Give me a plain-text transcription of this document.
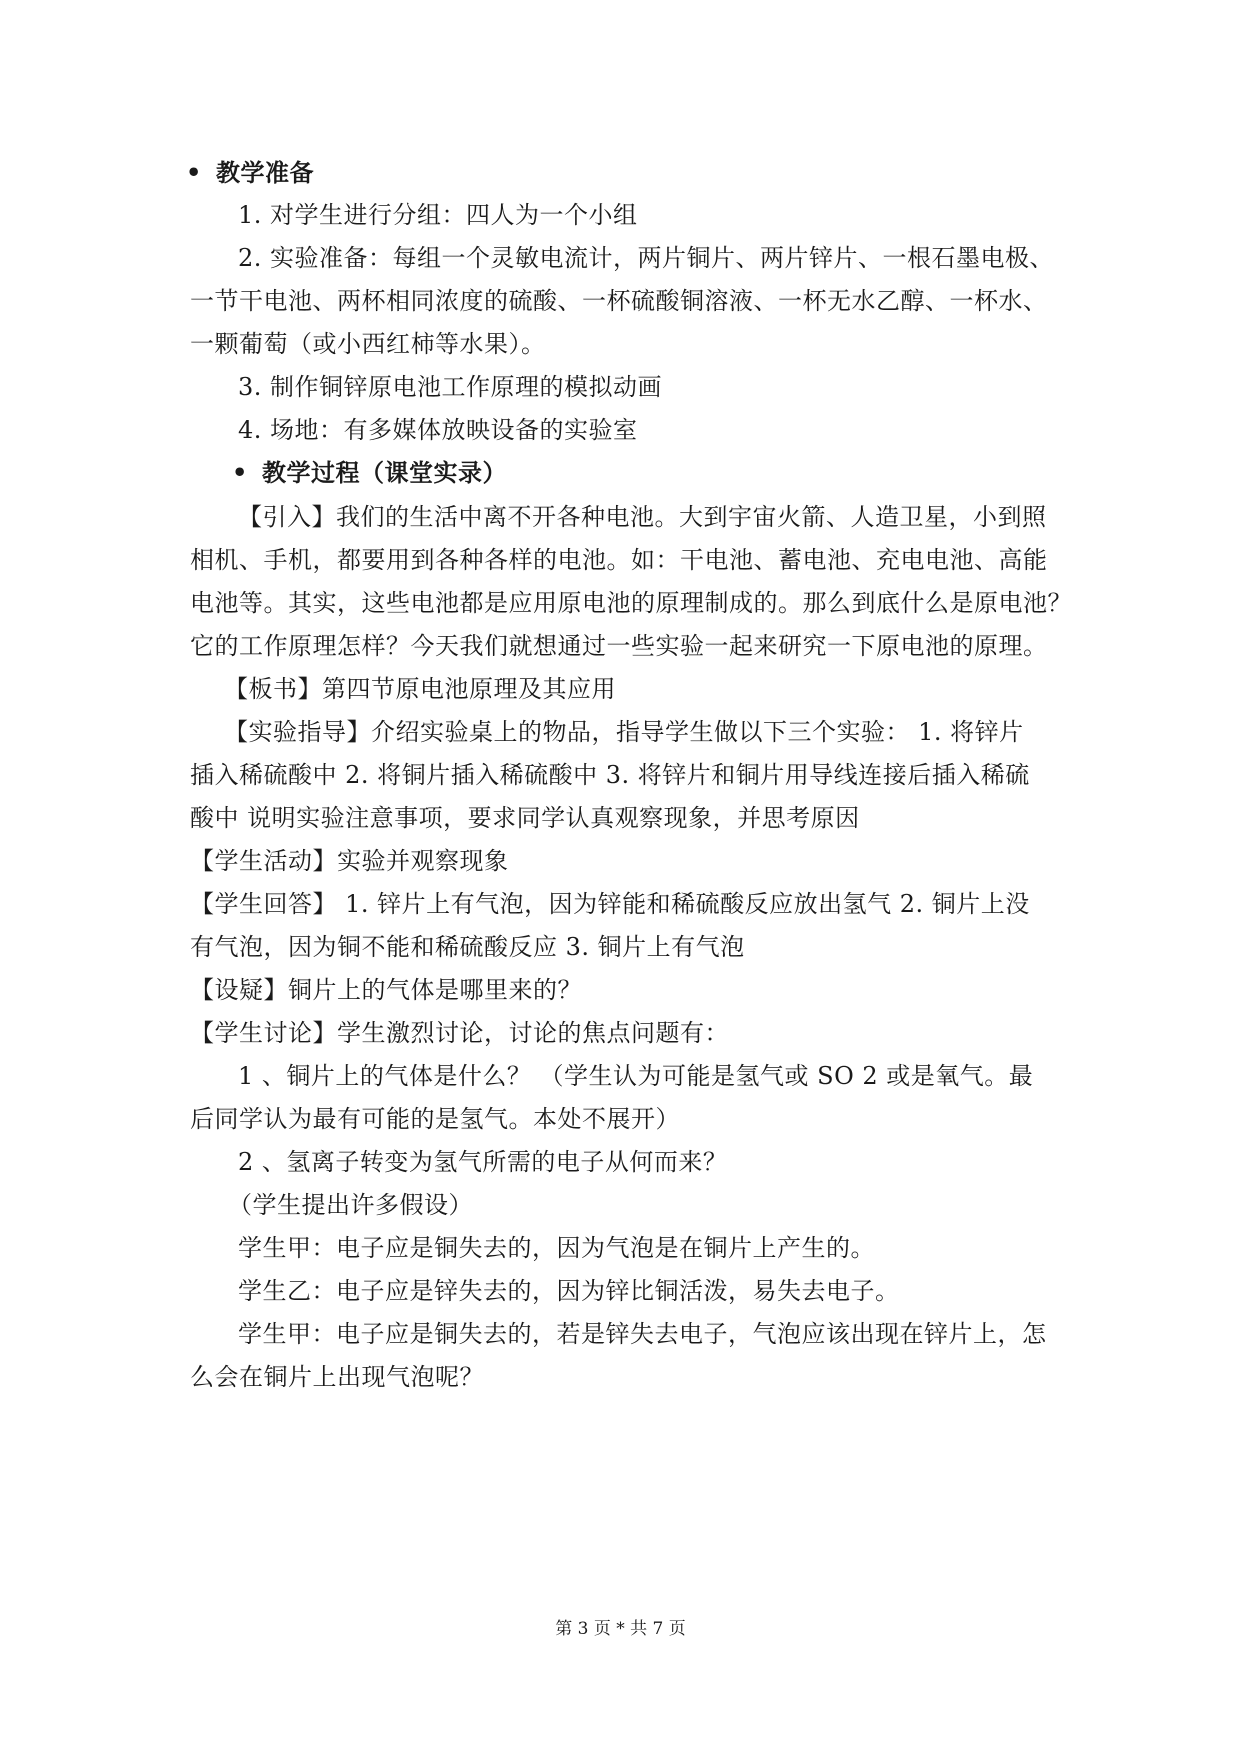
• 教学准备
1. 对学生进行分组：四人为一个小组
2. 实验准备：每组一个灵敏电流计，两片铜片、两片锌片、一根石墨电极、
一节干电池、两杯相同浓度的硫酸、一杯硫酸铜溶液、一杯无水乙醇、一杯水、
一颗葡萄（或小西红柿等水果）。
3. 制作铜锌原电池工作原理的模拟动画
4. 场地：有多媒体放映设备的实验室
• 教学过程（课堂实录）
【引入】我们的生活中离不开各种电池。大到宇宙火箭、人造卫星，小到照
相机、手机，都要用到各种各样的电池。如：干电池、蓄电池、充电电池、高能
电池等。其实，这些电池都是应用原电池的原理制成的。那么到底什么是原电池？
它的工作原理怎样？今天我们就想通过一些实验一起来研究一下原电池的原理。
【板书】第四节原电池原理及其应用
【实验指导】介绍实验桌上的物品，指导学生做以下三个实验： 1. 将锌片
插入稀硫酸中 2. 将铜片插入稀硫酸中 3. 将锌片和铜片用导线连接后插入稀硫
酸中 说明实验注意事项，要求同学认真观察现象，并思考原因
【学生活动】实验并观察现象
【学生回答】 1. 锌片上有气泡，因为锌能和稀硫酸反应放出氢气 2. 铜片上没
有气泡，因为铜不能和稀硫酸反应 3. 铜片上有气泡
【设疑】铜片上的气体是哪里来的？
【学生讨论】学生激烈讨论，讨论的焦点问题有：
1 、铜片上的气体是什么？ （学生认为可能是氢气或 SO 2 或是氧气。最
后同学认为最有可能的是氢气。本处不展开）
2 、氢离子转变为氢气所需的电子从何而来？
（学生提出许多假设）
学生甲：电子应是铜失去的，因为气泡是在铜片上产生的。
学生乙：电子应是锌失去的，因为锌比铜活泼，易失去电子。
学生甲：电子应是铜失去的，若是锌失去电子，气泡应该出现在锌片上，怎
么会在铜片上出现气泡呢？
第 3 页 * 共 7 页
